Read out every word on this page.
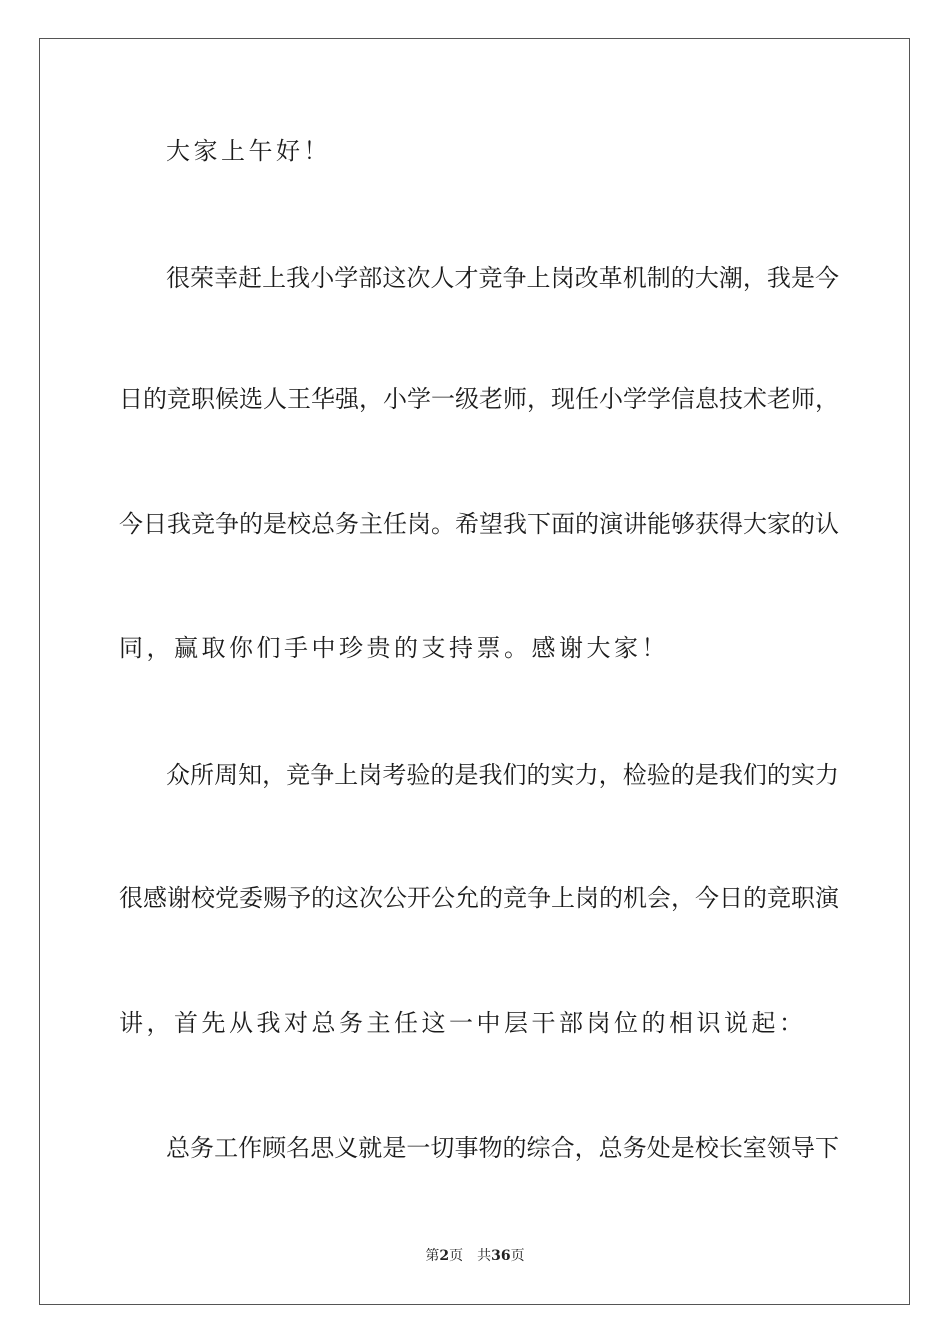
大家上午好！

很荣幸赶上我小学部这次人才竞争上岗改革机制的大潮，我是今

日的竞职候选人王华强，小学一级老师，现任小学学信息技术老师，

今日我竞争的是校总务主任岗。希望我下面的演讲能够获得大家的认

同，赢取你们手中珍贵的支持票。感谢大家！

众所周知，竞争上岗考验的是我们的实力，检验的是我们的实力

很感谢校党委赐予的这次公开公允的竞争上岗的机会，今日的竞职演

讲，首先从我对总务主任这一中层干部岗位的相识说起：

总务工作顾名思义就是一切事物的综合，总务处是校长室领导下

第2页 共36页
